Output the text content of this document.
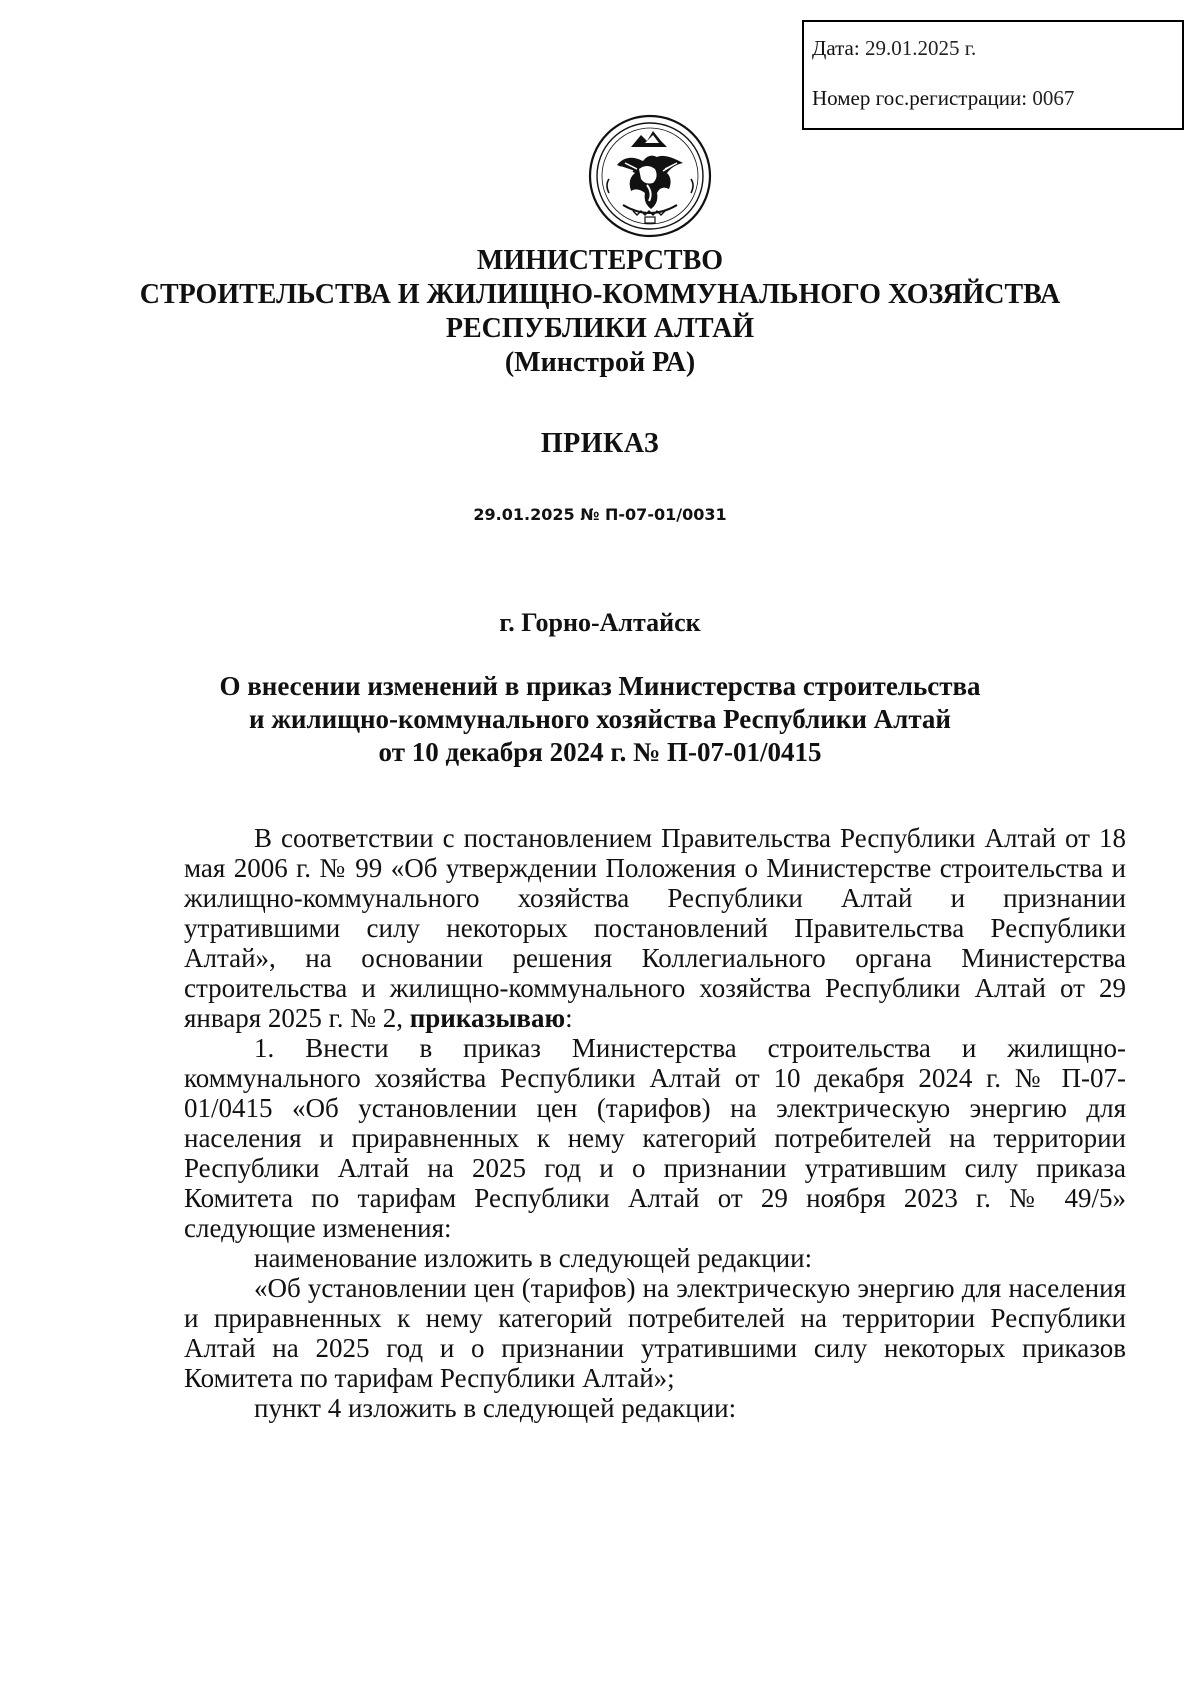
Дата: 29.01.2025 г.
Номер гос.регистрации: 0067
МИНИСТЕРСТВО
СТРОИТЕЛЬСТВА И ЖИЛИЩНО-КОММУНАЛЬНОГО ХОЗЯЙСТВА
РЕСПУБЛИКИ АЛТАЙ
(Минстрой РА)
ПРИКАЗ
29.01.2025 № П-07-01/0031
г. Горно-Алтайск
О внесении изменений в приказ Министерства строительства
и жилищно-коммунального хозяйства Республики Алтай
от 10 декабря 2024 г. № П-07-01/0415

В соответствии с постановлением Правительства Республики Алтай от 18 мая 2006 г. № 99 «Об утверждении Положения о Министерстве строительства и жилищно-коммунального хозяйства Республики Алтай и признании утратившими силу некоторых постановлений Правительства Республики Алтай», на основании решения Коллегиального органа Министерства строительства и жилищно-коммунального хозяйства Республики Алтай от 29 января 2025 г. № 2, приказываю:

1. Внести в приказ Министерства строительства и жилищно-коммунального хозяйства Республики Алтай от 10 декабря 2024 г. № П-07-01/0415 «Об установлении цен (тарифов) на электрическую энергию для населения и приравненных к нему категорий потребителей на территории Республики Алтай на 2025 год и о признании утратившим силу приказа Комитета по тарифам Республики Алтай от 29 ноября 2023 г. № 49/5» следующие изменения:

наименование изложить в следующей редакции:

«Об установлении цен (тарифов) на электрическую энергию для населения и приравненных к нему категорий потребителей на территории Республики Алтай на 2025 год и о признании утратившими силу некоторых приказов Комитета по тарифам Республики Алтай»;

пункт 4 изложить в следующей редакции:
